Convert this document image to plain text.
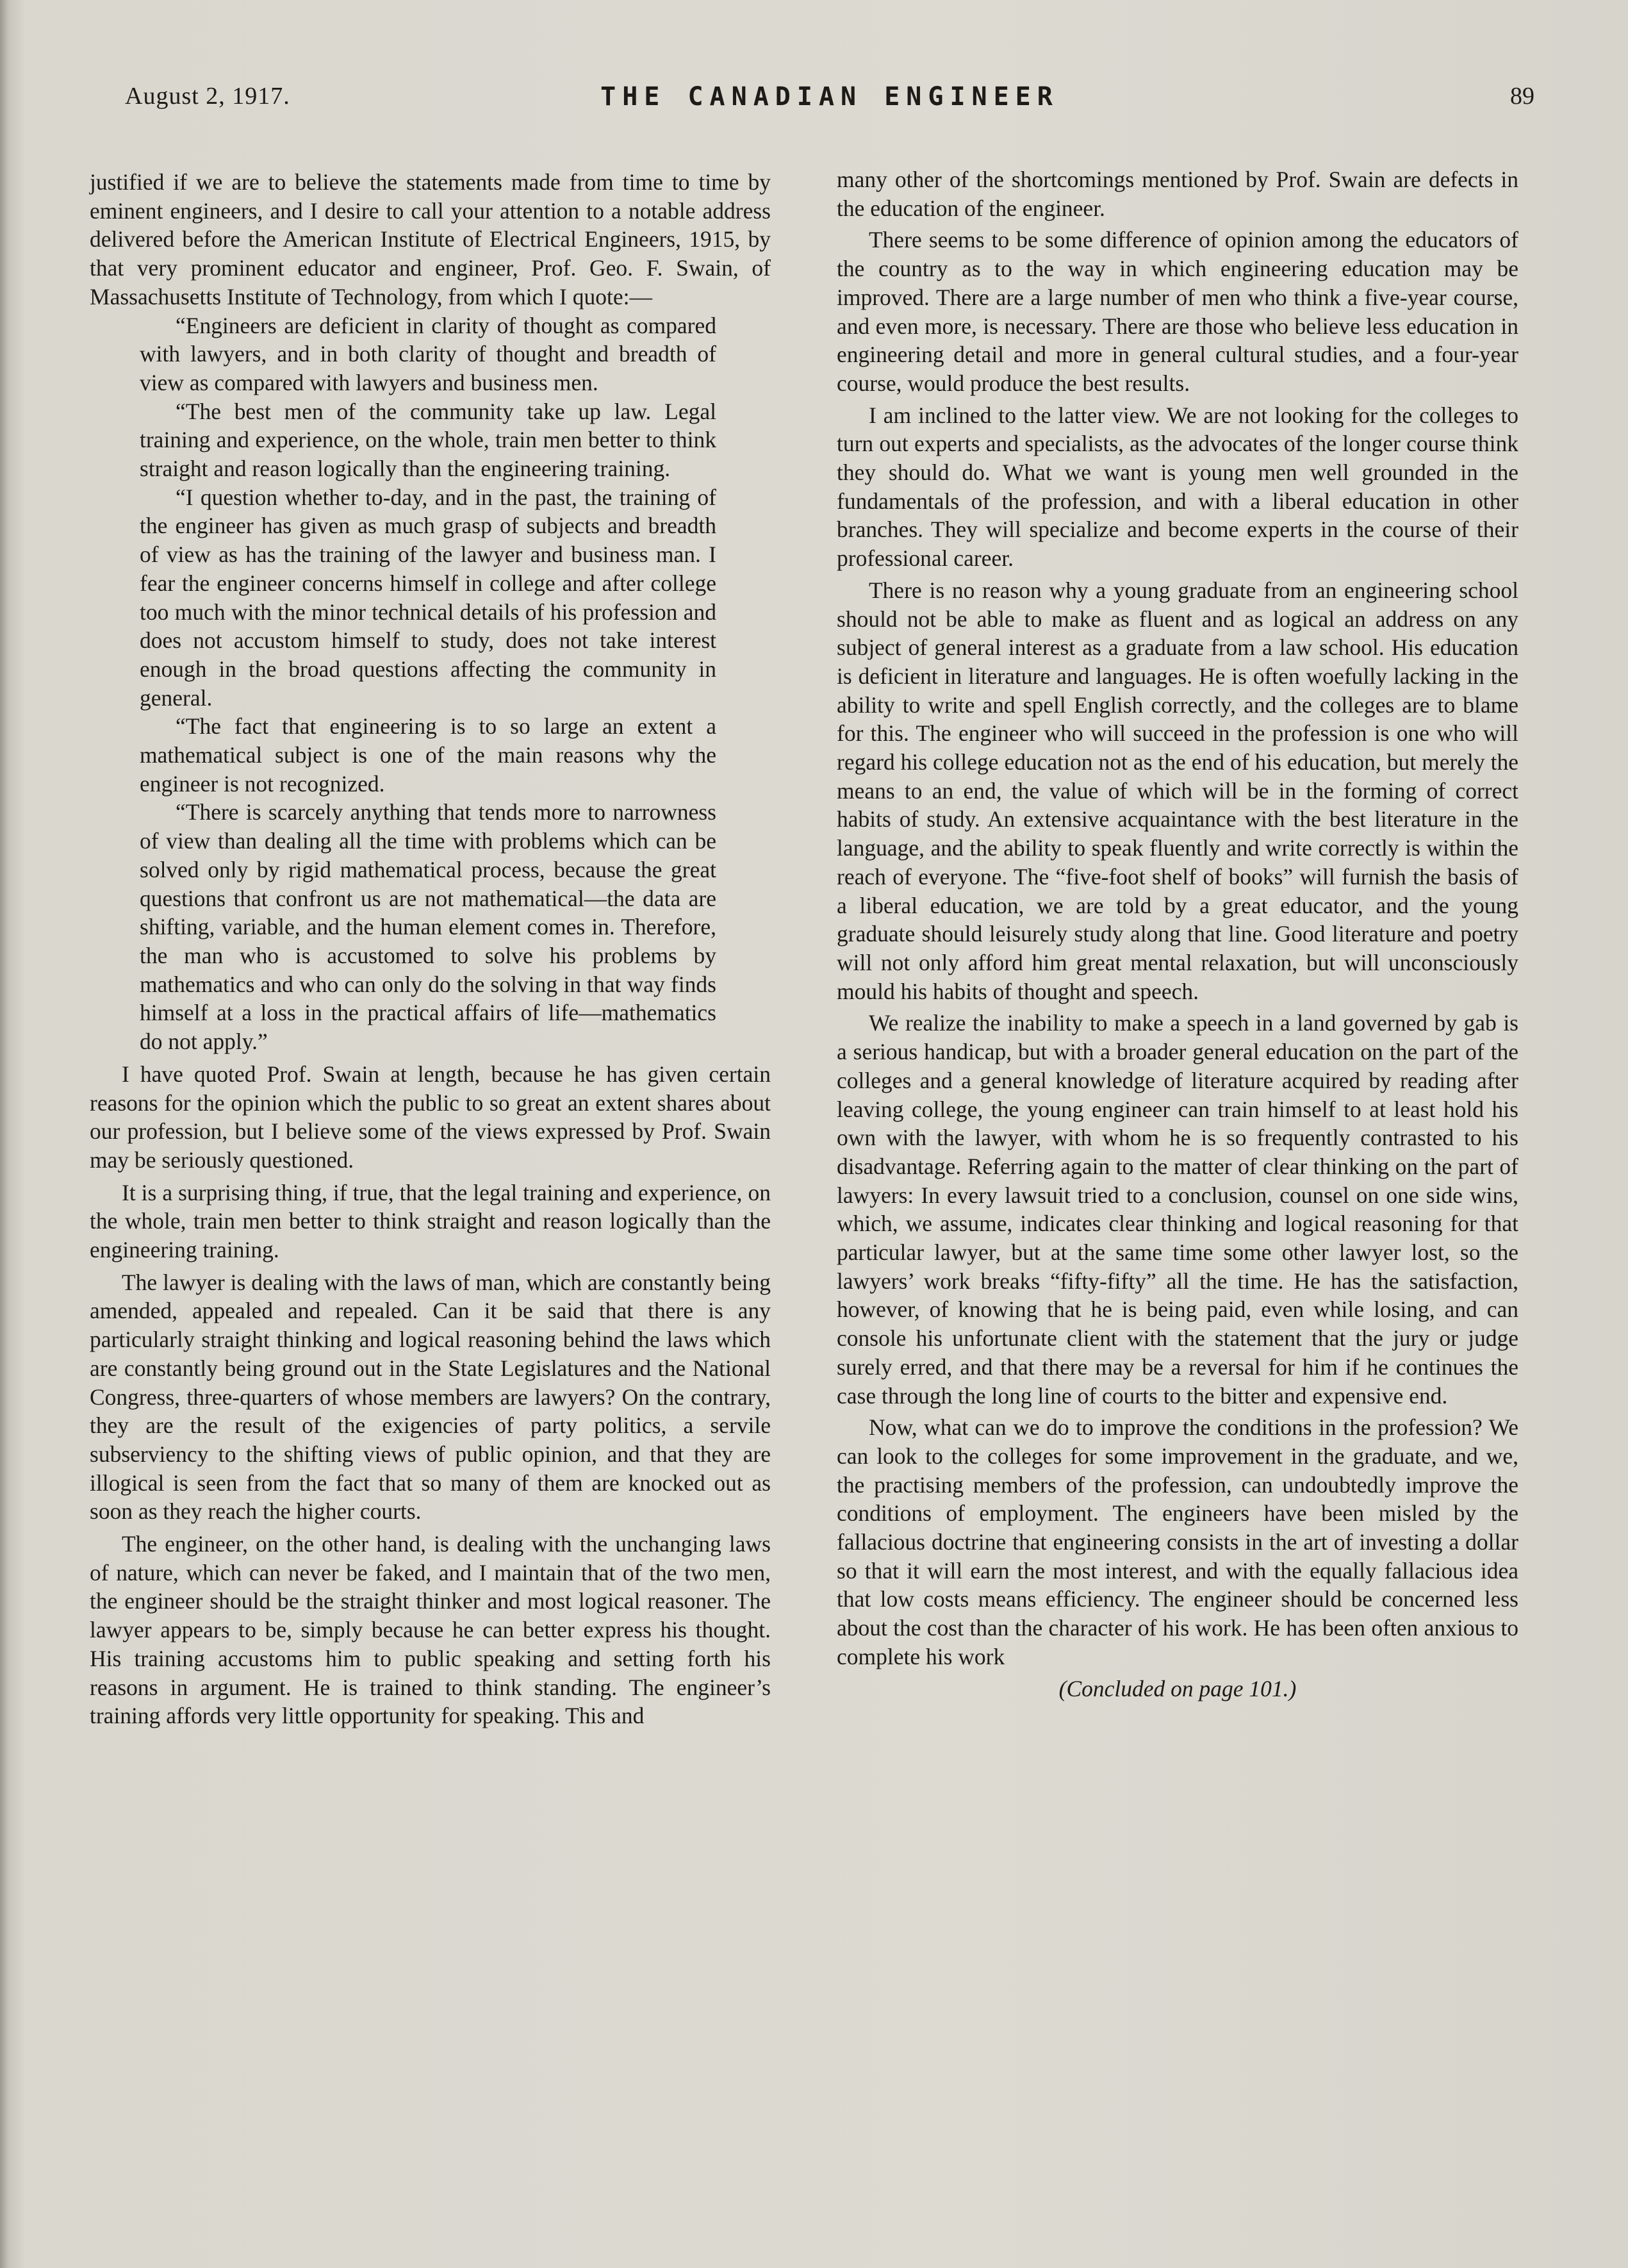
August 2, 1917.	THE CANADIAN ENGINEER	89

justified if we are to believe the statements made from time to time by eminent engineers, and I desire to call your attention to a notable address delivered before the American Institute of Electrical Engineers, 1915, by that very prominent educator and engineer, Prof. Geo. F. Swain, of Massachusetts Institute of Technology, from which I quote:—

“Engineers are deficient in clarity of thought as compared with lawyers, and in both clarity of thought and breadth of view as compared with lawyers and business men.

“The best men of the community take up law. Legal training and experience, on the whole, train men better to think straight and reason logically than the engineering training.

“I question whether to-day, and in the past, the training of the engineer has given as much grasp of subjects and breadth of view as has the training of the lawyer and business man. I fear the engineer concerns himself in college and after college too much with the minor technical details of his profession and does not accustom himself to study, does not take interest enough in the broad questions affecting the community in general.

“The fact that engineering is to so large an extent a mathematical subject is one of the main reasons why the engineer is not recognized.

“There is scarcely anything that tends more to narrowness of view than dealing all the time with problems which can be solved only by rigid mathematical process, because the great questions that confront us are not mathematical—the data are shifting, variable, and the human element comes in. Therefore, the man who is accustomed to solve his problems by mathematics and who can only do the solving in that way finds himself at a loss in the practical affairs of life—mathematics do not apply.”

I have quoted Prof. Swain at length, because he has given certain reasons for the opinion which the public to so great an extent shares about our profession, but I believe some of the views expressed by Prof. Swain may be seriously questioned.

It is a surprising thing, if true, that the legal training and experience, on the whole, train men better to think straight and reason logically than the engineering training.

The lawyer is dealing with the laws of man, which are constantly being amended, appealed and repealed. Can it be said that there is any particularly straight thinking and logical reasoning behind the laws which are constantly being ground out in the State Legislatures and the National Congress, three-quarters of whose members are lawyers? On the contrary, they are the result of the exigencies of party politics, a servile subserviency to the shifting views of public opinion, and that they are illogical is seen from the fact that so many of them are knocked out as soon as they reach the higher courts.

The engineer, on the other hand, is dealing with the unchanging laws of nature, which can never be faked, and I maintain that of the two men, the engineer should be the straight thinker and most logical reasoner. The lawyer appears to be, simply because he can better express his thought. His training accustoms him to public speaking and setting forth his reasons in argument. He is trained to think standing. The engineer’s training affords very little opportunity for speaking. This and

many other of the shortcomings mentioned by Prof. Swain are defects in the education of the engineer.

There seems to be some difference of opinion among the educators of the country as to the way in which engineering education may be improved. There are a large number of men who think a five-year course, and even more, is necessary. There are those who believe less education in engineering detail and more in general cultural studies, and a four-year course, would produce the best results.

I am inclined to the latter view. We are not looking for the colleges to turn out experts and specialists, as the advocates of the longer course think they should do. What we want is young men well grounded in the fundamentals of the profession, and with a liberal education in other branches. They will specialize and become experts in the course of their professional career.

There is no reason why a young graduate from an engineering school should not be able to make as fluent and as logical an address on any subject of general interest as a graduate from a law school. His education is deficient in literature and languages. He is often woefully lacking in the ability to write and spell English correctly, and the colleges are to blame for this. The engineer who will succeed in the profession is one who will regard his college education not as the end of his education, but merely the means to an end, the value of which will be in the forming of correct habits of study. An extensive acquaintance with the best literature in the language, and the ability to speak fluently and write correctly is within the reach of everyone. The “five-foot shelf of books” will furnish the basis of a liberal education, we are told by a great educator, and the young graduate should leisurely study along that line. Good literature and poetry will not only afford him great mental relaxation, but will unconsciously mould his habits of thought and speech.

We realize the inability to make a speech in a land governed by gab is a serious handicap, but with a broader general education on the part of the colleges and a general knowledge of literature acquired by reading after leaving college, the young engineer can train himself to at least hold his own with the lawyer, with whom he is so frequently contrasted to his disadvantage. Referring again to the matter of clear thinking on the part of lawyers: In every lawsuit tried to a conclusion, counsel on one side wins, which, we assume, indicates clear thinking and logical reasoning for that particular lawyer, but at the same time some other lawyer lost, so the lawyers’ work breaks “fifty-fifty” all the time. He has the satisfaction, however, of knowing that he is being paid, even while losing, and can console his unfortunate client with the statement that the jury or judge surely erred, and that there may be a reversal for him if he continues the case through the long line of courts to the bitter and expensive end.

Now, what can we do to improve the conditions in the profession? We can look to the colleges for some improvement in the graduate, and we, the practising members of the profession, can undoubtedly improve the conditions of employment. The engineers have been misled by the fallacious doctrine that engineering consists in the art of investing a dollar so that it will earn the most interest, and with the equally fallacious idea that low costs means efficiency. The engineer should be concerned less about the cost than the character of his work. He has been often anxious to complete his work

(Concluded on page 101.)
